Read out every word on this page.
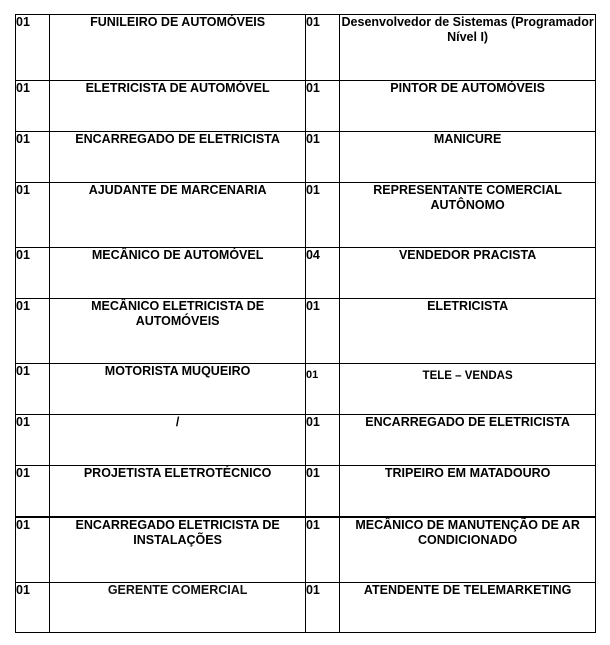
01	FUNILEIRO DE AUTOMÓVEIS	01	Desenvolvedor de Sistemas (Programador Nível I)
01	ELETRICISTA DE AUTOMÓVEL	01	PINTOR DE AUTOMÓVEIS
01	ENCARREGADO DE ELETRICISTA	01	MANICURE
01	AJUDANTE DE MARCENARIA	01	REPRESENTANTE COMERCIAL AUTÔNOMO
01	MECÂNICO DE AUTOMÓVEL	04	VENDEDOR PRACISTA
01	MECÂNICO ELETRICISTA DE AUTOMÓVEIS	01	ELETRICISTA
01	MOTORISTA MUQUEIRO	01	TELE – VENDAS
01	/	01	ENCARREGADO DE ELETRICISTA
01	PROJETISTA ELETROTÉCNICO	01	TRIPEIRO EM MATADOURO
01	ENCARREGADO ELETRICISTA DE INSTALAÇÕES	01	MECÂNICO DE MANUTENÇÃO DE AR CONDICIONADO
01	GERENTE COMERCIAL	01	ATENDENTE DE TELEMARKETING
